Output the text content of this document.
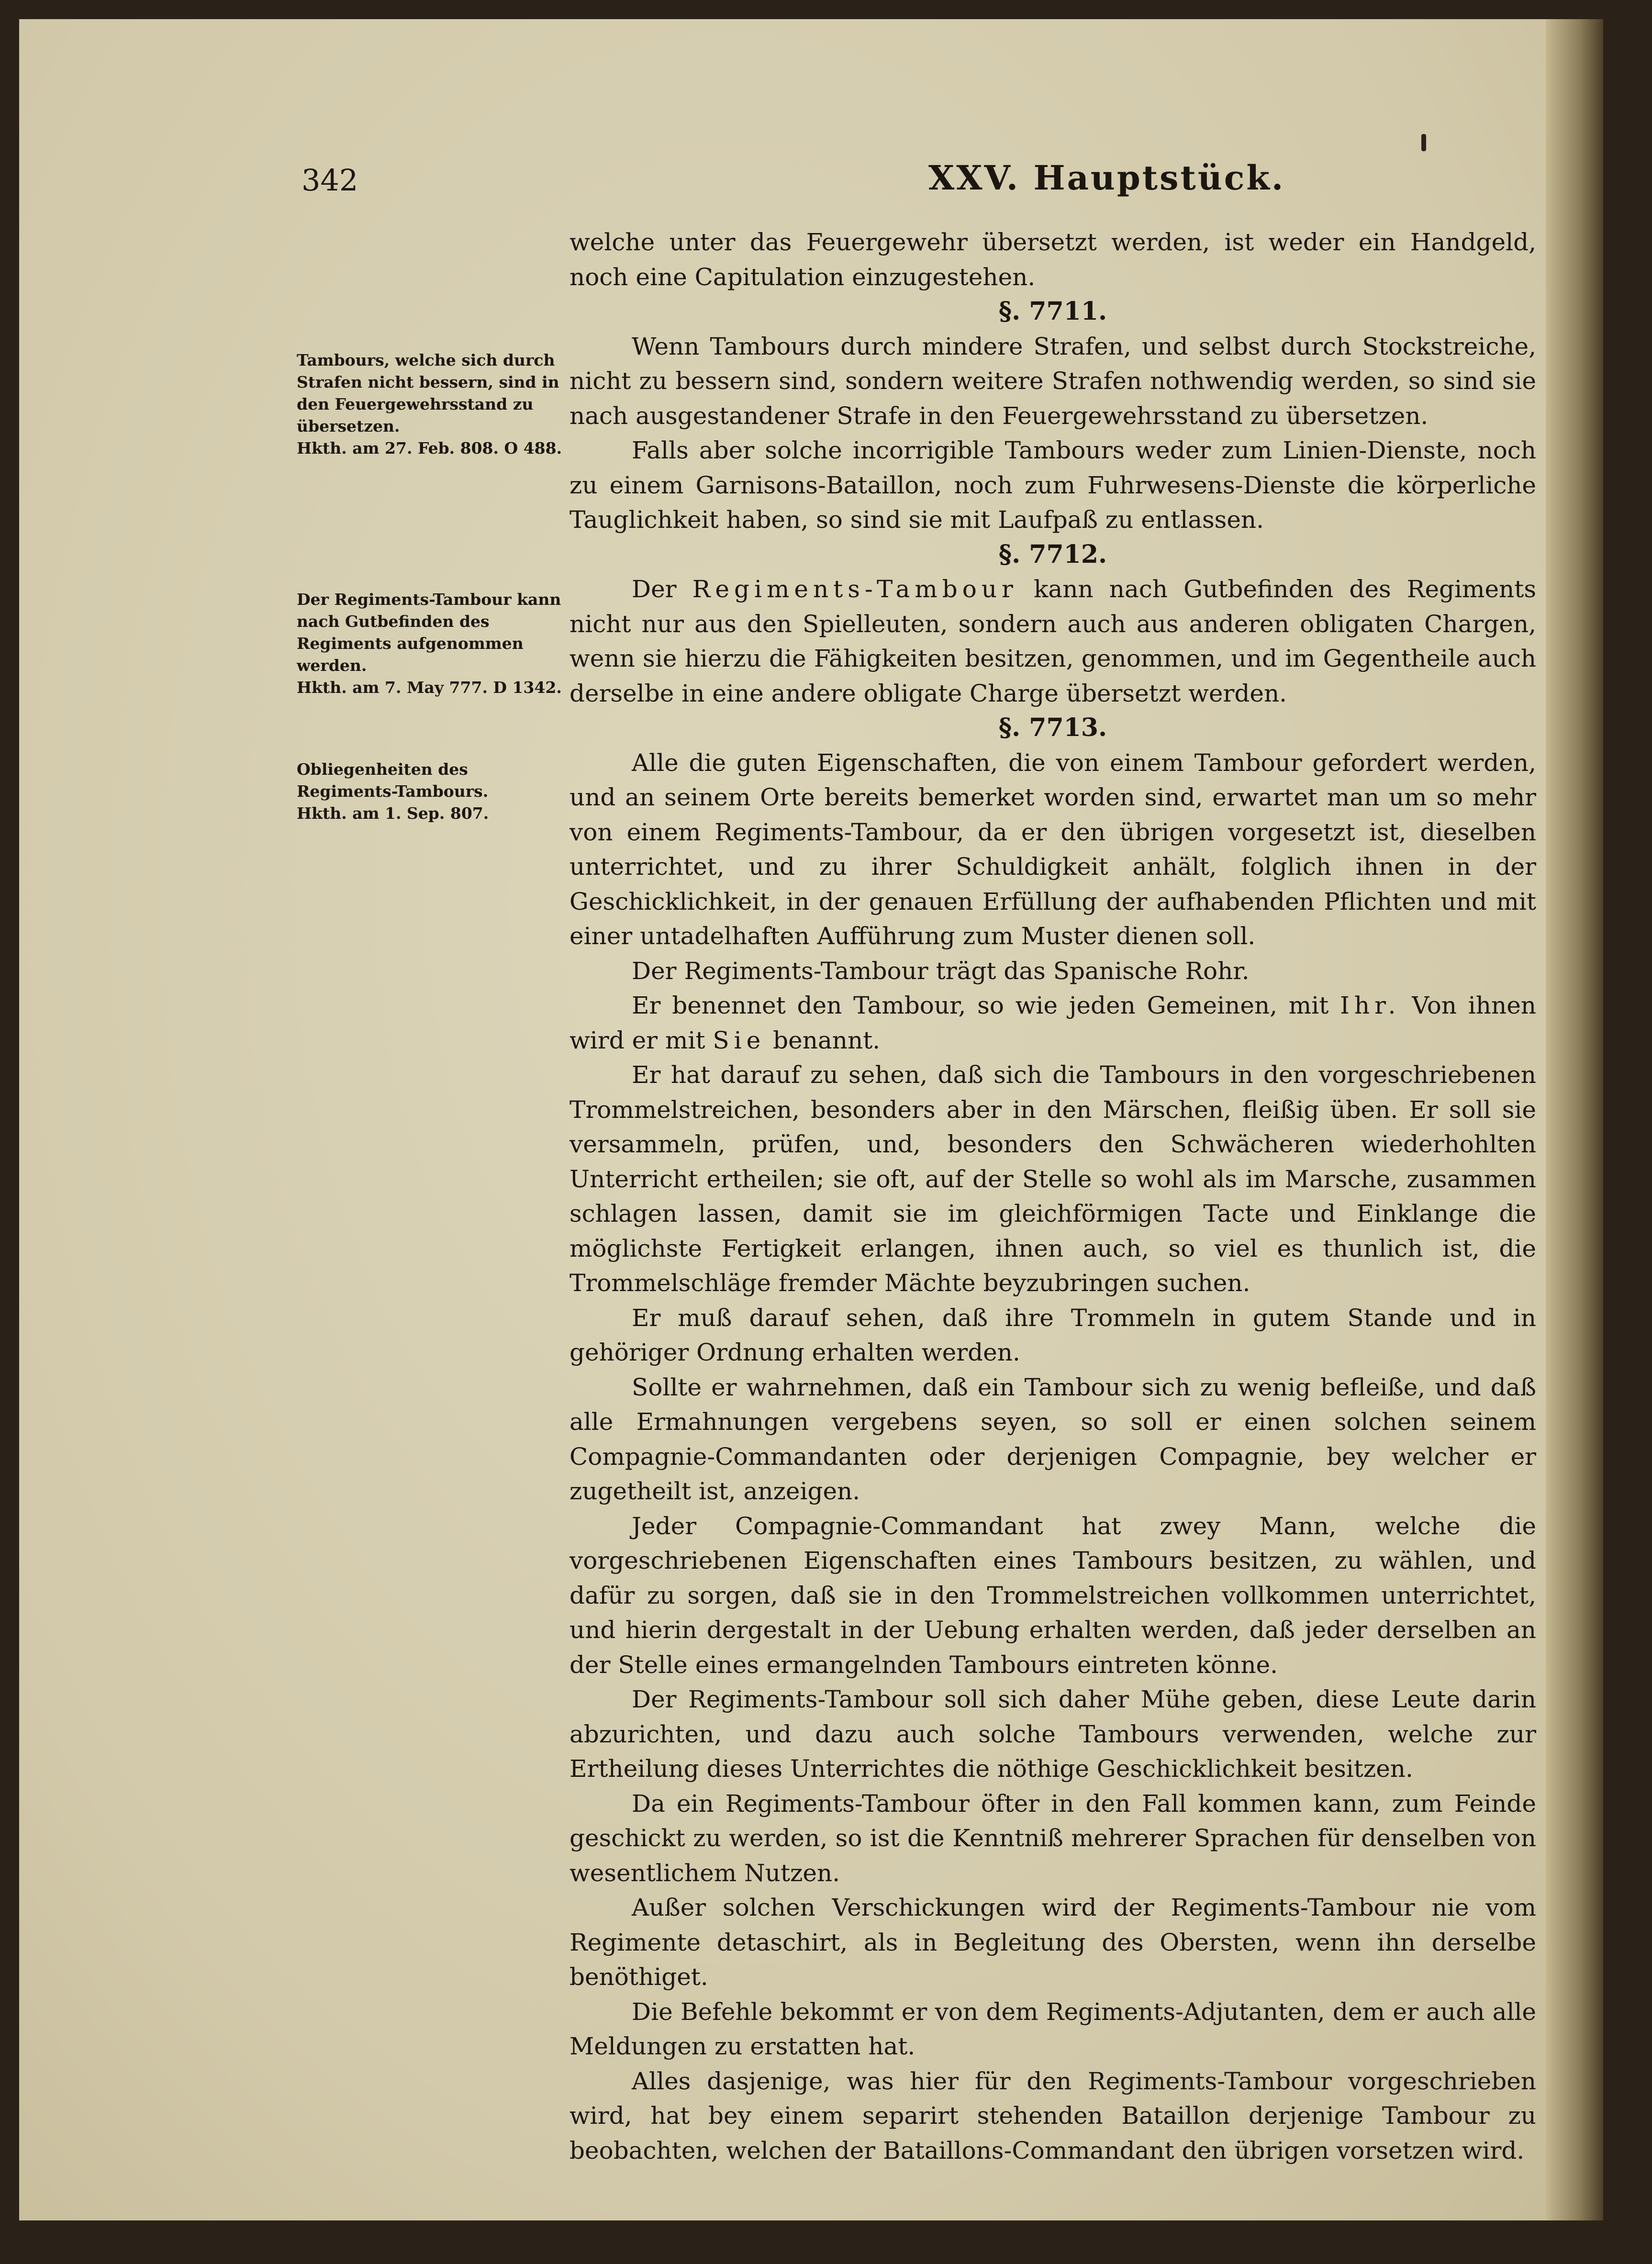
342	XXV. Hauptstück.
Tambours, welche sich durch Strafen nicht bessern, sind in den Feuergewehrsstand zu übersetzen.
Hkth. am 27. Feb. 808. O 488.
Der Regiments-Tambour kann nach Gutbefinden des Regiments aufgenommen werden.
Hkth. am 7. May 777. D 1342.
Obliegenheiten des Regiments-Tambours.
Hkth. am 1. Sep. 807.

welche unter das Feuergewehr übersetzt werden, ist weder ein Handgeld, noch eine Capitulation einzugestehen.

§. 7711.

Wenn Tambours durch mindere Strafen, und selbst durch Stockstreiche, nicht zu bessern sind, sondern weitere Strafen nothwendig werden, so sind sie nach ausgestandener Strafe in den Feuergewehrsstand zu übersetzen.

Falls aber solche incorrigible Tambours weder zum Linien-Dienste, noch zu einem Garnisons-Bataillon, noch zum Fuhrwesens-Dienste die körperliche Tauglichkeit haben, so sind sie mit Laufpaß zu entlassen.

§. 7712.

Der Regiments-Tambour kann nach Gutbefinden des Regiments nicht nur aus den Spielleuten, sondern auch aus anderen obligaten Chargen, wenn sie hierzu die Fähigkeiten besitzen, genommen, und im Gegentheile auch derselbe in eine andere obligate Charge übersetzt werden.

§. 7713.

Alle die guten Eigenschaften, die von einem Tambour gefordert werden, und an seinem Orte bereits bemerket worden sind, erwartet man um so mehr von einem Regiments-Tambour, da er den übrigen vorgesetzt ist, dieselben unterrichtet, und zu ihrer Schuldigkeit anhält, folglich ihnen in der Geschicklichkeit, in der genauen Erfüllung der aufhabenden Pflichten und mit einer untadelhaften Aufführung zum Muster dienen soll.

Der Regiments-Tambour trägt das Spanische Rohr.

Er benennet den Tambour, so wie jeden Gemeinen, mit Ihr. Von ihnen wird er mit Sie benannt.

Er hat darauf zu sehen, daß sich die Tambours in den vorgeschriebenen Trommelstreichen, besonders aber in den Märschen, fleißig üben. Er soll sie versammeln, prüfen, und, besonders den Schwächeren wiederhohlten Unterricht ertheilen; sie oft, auf der Stelle so wohl als im Marsche, zusammen schlagen lassen, damit sie im gleichförmigen Tacte und Einklange die möglichste Fertigkeit erlangen, ihnen auch, so viel es thunlich ist, die Trommelschläge fremder Mächte beyzubringen suchen.

Er muß darauf sehen, daß ihre Trommeln in gutem Stande und in gehöriger Ordnung erhalten werden.

Sollte er wahrnehmen, daß ein Tambour sich zu wenig befleiße, und daß alle Ermahnungen vergebens seyen, so soll er einen solchen seinem Compagnie-Commandanten oder derjenigen Compagnie, bey welcher er zugetheilt ist, anzeigen.

Jeder Compagnie-Commandant hat zwey Mann, welche die vorgeschriebenen Eigenschaften eines Tambours besitzen, zu wählen, und dafür zu sorgen, daß sie in den Trommelstreichen vollkommen unterrichtet, und hierin dergestalt in der Uebung erhalten werden, daß jeder derselben an der Stelle eines ermangelnden Tambours eintreten könne.

Der Regiments-Tambour soll sich daher Mühe geben, diese Leute darin abzurichten, und dazu auch solche Tambours verwenden, welche zur Ertheilung dieses Unterrichtes die nöthige Geschicklichkeit besitzen.

Da ein Regiments-Tambour öfter in den Fall kommen kann, zum Feinde geschickt zu werden, so ist die Kenntniß mehrerer Sprachen für denselben von wesentlichem Nutzen.

Außer solchen Verschickungen wird der Regiments-Tambour nie vom Regimente detaschirt, als in Begleitung des Obersten, wenn ihn derselbe benöthiget.

Die Befehle bekommt er von dem Regiments-Adjutanten, dem er auch alle Meldungen zu erstatten hat.

Alles dasjenige, was hier für den Regiments-Tambour vorgeschrieben wird, hat bey einem separirt stehenden Bataillon derjenige Tambour zu beobachten, welchen der Bataillons-Commandant den übrigen vorsetzen wird.
